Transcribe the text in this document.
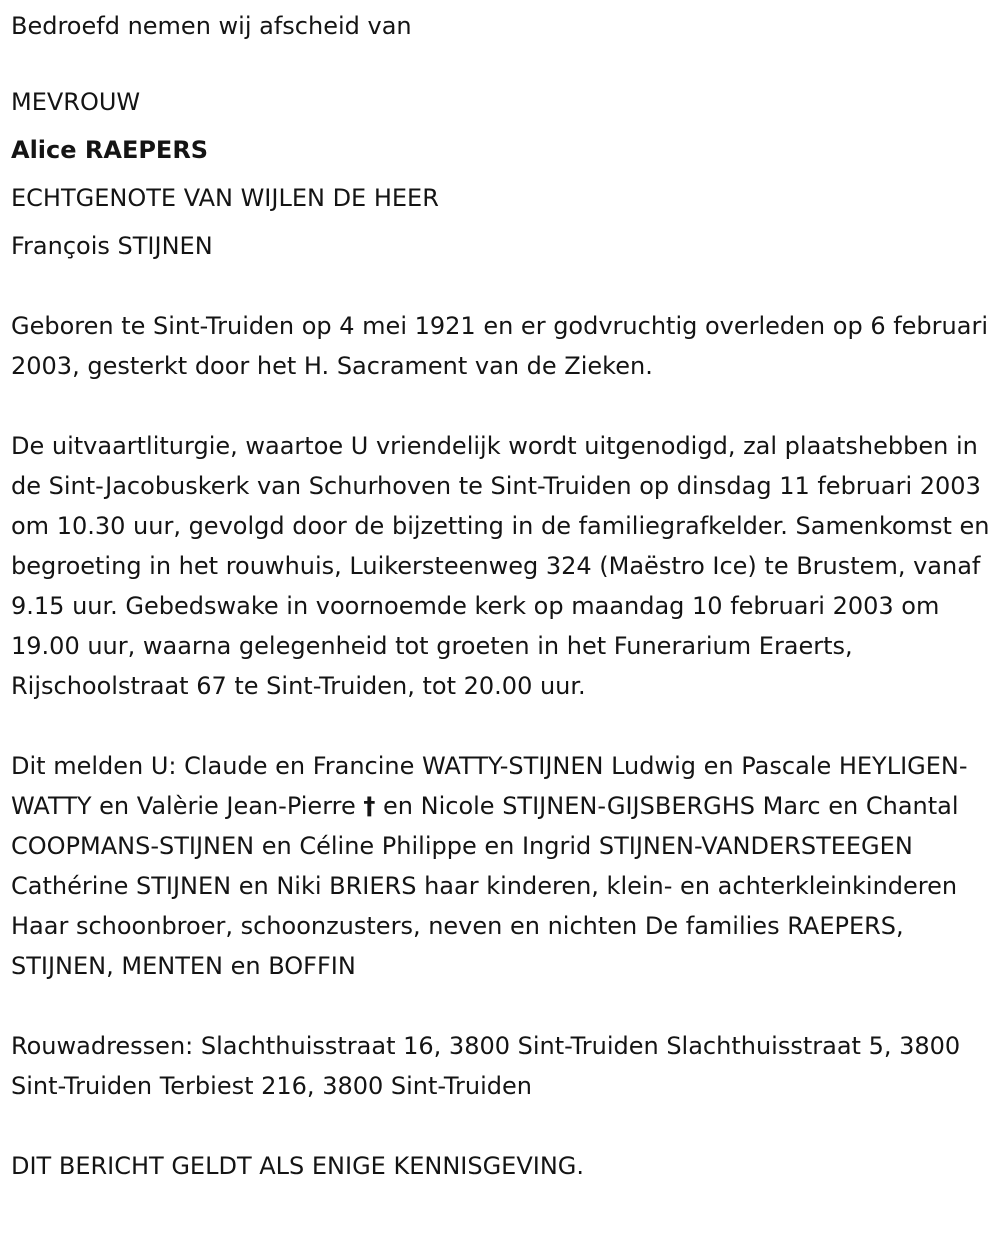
Bedroefd nemen wij afscheid van
MEVROUW
Alice RAEPERS
ECHTGENOTE VAN WIJLEN DE HEER
François STIJNEN

Geboren te Sint-Truiden op 4 mei 1921 en er godvruchtig overleden op 6 februari 2003, gesterkt door het H. Sacrament van de Zieken.

De uitvaartliturgie, waartoe U vriendelijk wordt uitgenodigd, zal plaatshebben in de Sint-Jacobuskerk van Schurhoven te Sint-Truiden op dinsdag 11 februari 2003 om 10.30 uur, gevolgd door de bijzetting in de familiegrafkelder. Samenkomst en begroeting in het rouwhuis, Luikersteenweg 324 (Maëstro Ice) te Brustem, vanaf 9.15 uur. Gebedswake in voornoemde kerk op maandag 10 februari 2003 om 19.00 uur, waarna gelegenheid tot groeten in het Funerarium Eraerts, Rijschoolstraat 67 te Sint-Truiden, tot 20.00 uur.

Dit melden U: Claude en Francine WATTY-STIJNEN Ludwig en Pascale HEYLIGEN-WATTY en Valèrie Jean-Pierre † en Nicole STIJNEN-GIJSBERGHS Marc en Chantal COOPMANS-STIJNEN en Céline Philippe en Ingrid STIJNEN-VANDERSTEEGEN Cathérine STIJNEN en Niki BRIERS haar kinderen, klein- en achterkleinkinderen Haar schoonbroer, schoonzusters, neven en nichten De families RAEPERS, STIJNEN, MENTEN en BOFFIN

Rouwadressen: Slachthuisstraat 16, 3800 Sint-Truiden Slachthuisstraat 5, 3800 Sint-Truiden Terbiest 216, 3800 Sint-Truiden

DIT BERICHT GELDT ALS ENIGE KENNISGEVING.
